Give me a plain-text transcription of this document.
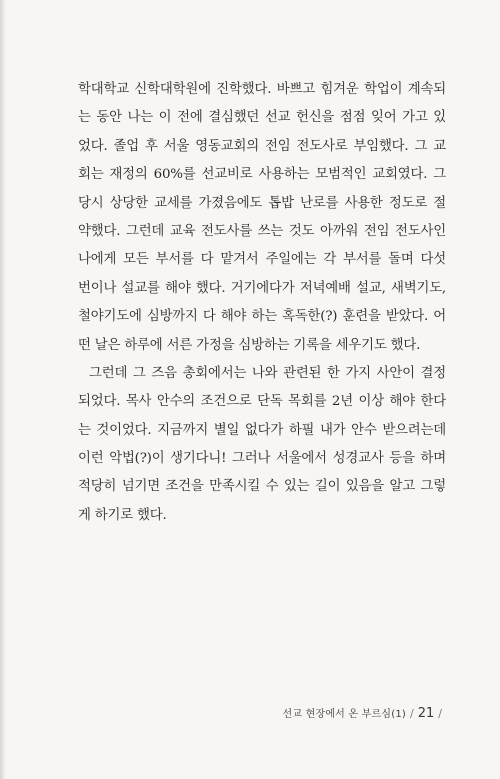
학대학교 신학대학원에 진학했다. 바쁘고 힘겨운 학업이 계속되
는 동안 나는 이 전에 결심했던 선교 헌신을 점점 잊어 가고 있
었다. 졸업 후 서울 영동교회의 전임 전도사로 부임했다. 그 교
회는 재정의 60%를 선교비로 사용하는 모범적인 교회였다. 그
당시 상당한 교세를 가졌음에도 톱밥 난로를 사용한 정도로 절
약했다. 그런데 교육 전도사를 쓰는 것도 아까워 전임 전도사인
나에게 모든 부서를 다 맡겨서 주일에는 각 부서를 돌며 다섯
번이나 설교를 해야 했다. 거기에다가 저녁예배 설교, 새벽기도,
철야기도에 심방까지 다 해야 하는 혹독한(?) 훈련을 받았다. 어
떤 날은 하루에 서른 가정을 심방하는 기록을 세우기도 했다.
그런데 그 즈음 총회에서는 나와 관련된 한 가지 사안이 결정
되었다. 목사 안수의 조건으로 단독 목회를 2년 이상 해야 한다
는 것이었다. 지금까지 별일 없다가 하필 내가 안수 받으려는데
이런 악법(?)이 생기다니! 그러나 서울에서 성경교사 등을 하며
적당히 넘기면 조건을 만족시킬 수 있는 길이 있음을 알고 그렇
게 하기로 했다.
선교 현장에서 온 부르심(1) / 21 /
